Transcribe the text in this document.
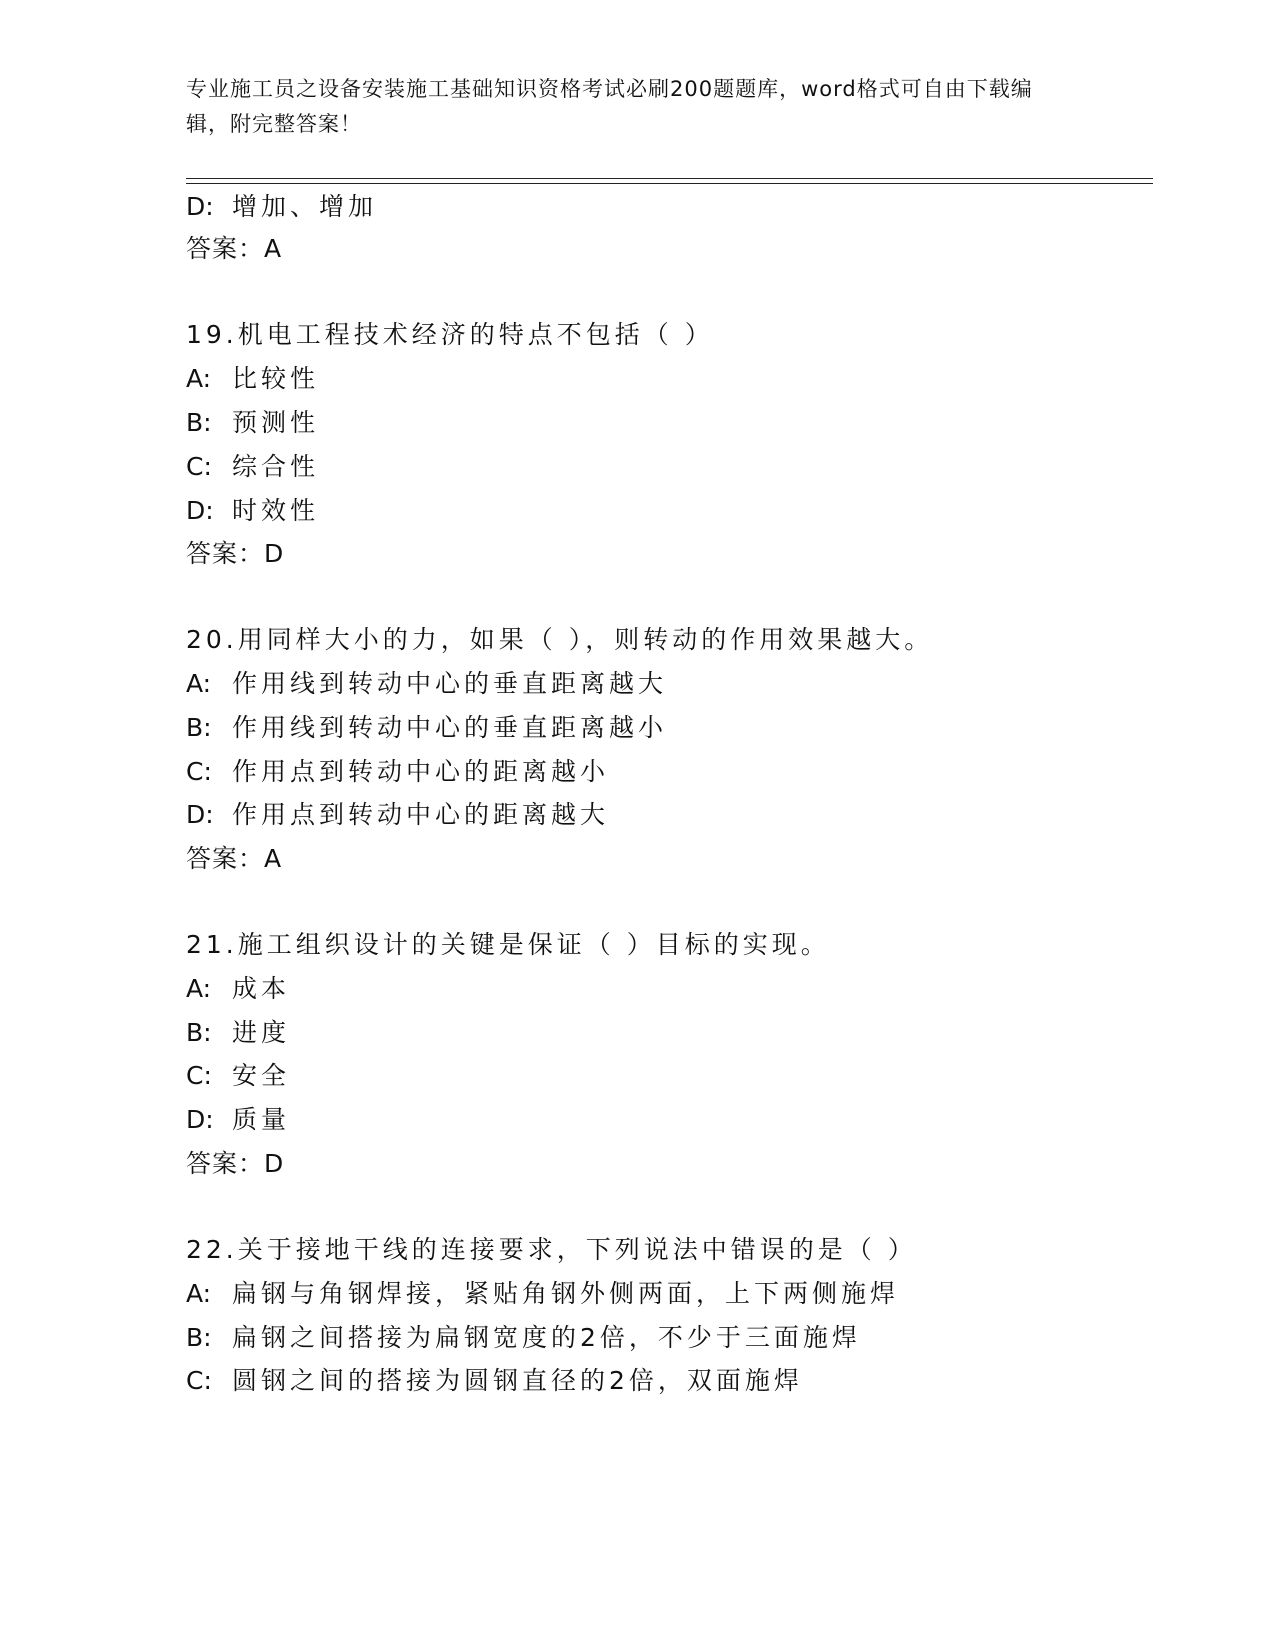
专业施工员之设备安装施工基础知识资格考试必刷200题题库，word格式可自由下载编辑，附完整答案！
D: 增加、增加
答案：A
19.机电工程技术经济的特点不包括（ ）
A: 比较性
B: 预测性
C: 综合性
D: 时效性
答案：D
20.用同样大小的力，如果（ ），则转动的作用效果越大。
A: 作用线到转动中心的垂直距离越大
B: 作用线到转动中心的垂直距离越小
C: 作用点到转动中心的距离越小
D: 作用点到转动中心的距离越大
答案：A
21.施工组织设计的关键是保证（ ）目标的实现。
A: 成本
B: 进度
C: 安全
D: 质量
答案：D
22.关于接地干线的连接要求，下列说法中错误的是（ ）
A: 扁钢与角钢焊接，紧贴角钢外侧两面，上下两侧施焊
B: 扁钢之间搭接为扁钢宽度的2倍，不少于三面施焊
C: 圆钢之间的搭接为圆钢直径的2倍，双面施焊
